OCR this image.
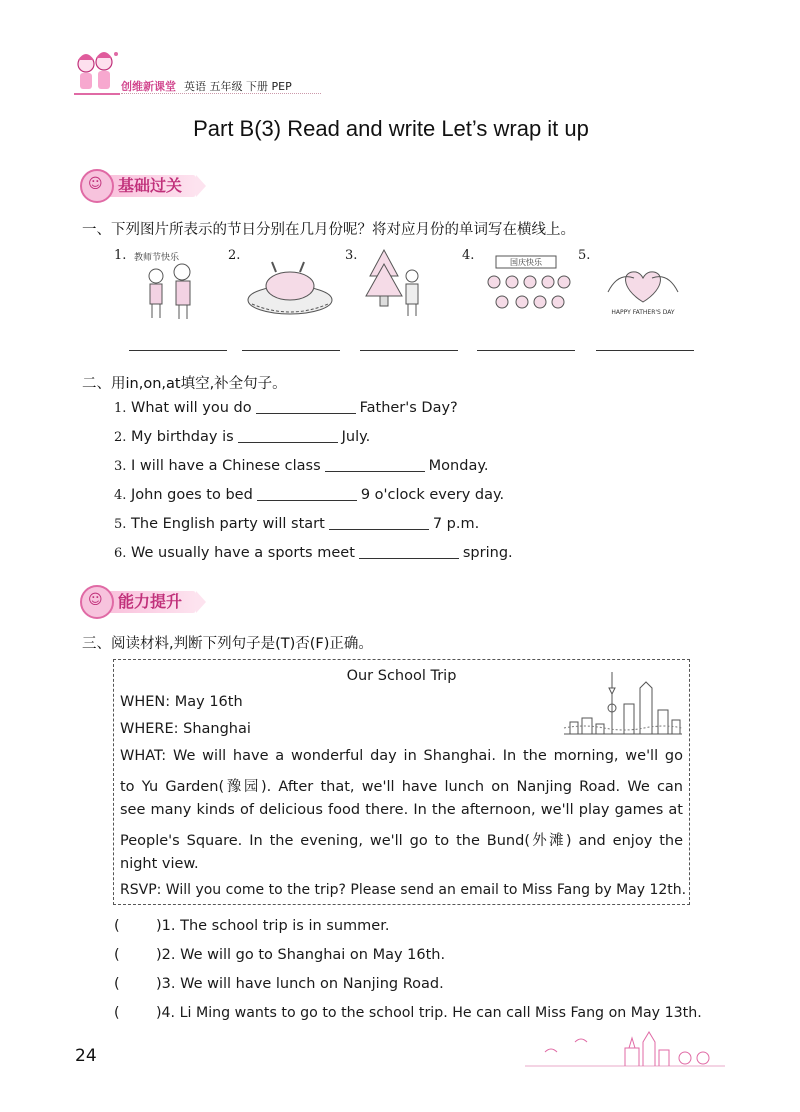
创维新课堂 英语 五年级 下册 PEP
Part B(3) Read and write Let’s wrap it up
基础过关
☺
一、下列图片所表示的节日分别在几月份呢？将对应月份的单词写在横线上。
1. 教师节快乐	2.	3.	4.	国庆快乐	5.
HAPPY FATHER'S DAY
二、用in,on,at填空,补全句子。
1. What will you do	Father's Day?
2. My birthday is	July.
3. I will have a Chinese class	Monday.
4. John goes to bed	9 o'clock every day.
5. The English party will start	7 p.m.
6. We usually have a sports meet	spring.
能力提升
☺
三、阅读材料,判断下列句子是(T)否(F)正确。
Our School Trip
WHEN: May 16th
WHERE: Shanghai
WHAT: We will have a wonderful day in Shanghai. In the morning, we'll go
to Yu Garden(豫园). After that, we'll have lunch on Nanjing Road. We can
see many kinds of delicious food there. In the afternoon, we'll play games at
People's Square. In the evening, we'll go to the Bund(外滩) and enjoy the
night view.
RSVP: Will you come to the trip? Please send an email to Miss Fang by May 12th.
(	)1. The school trip is in summer.
(	)2. We will go to Shanghai on May 16th.
(	)3. We will have lunch on Nanjing Road.
(	)4. Li Ming wants to go to the school trip. He can call Miss Fang on May 13th.
24
